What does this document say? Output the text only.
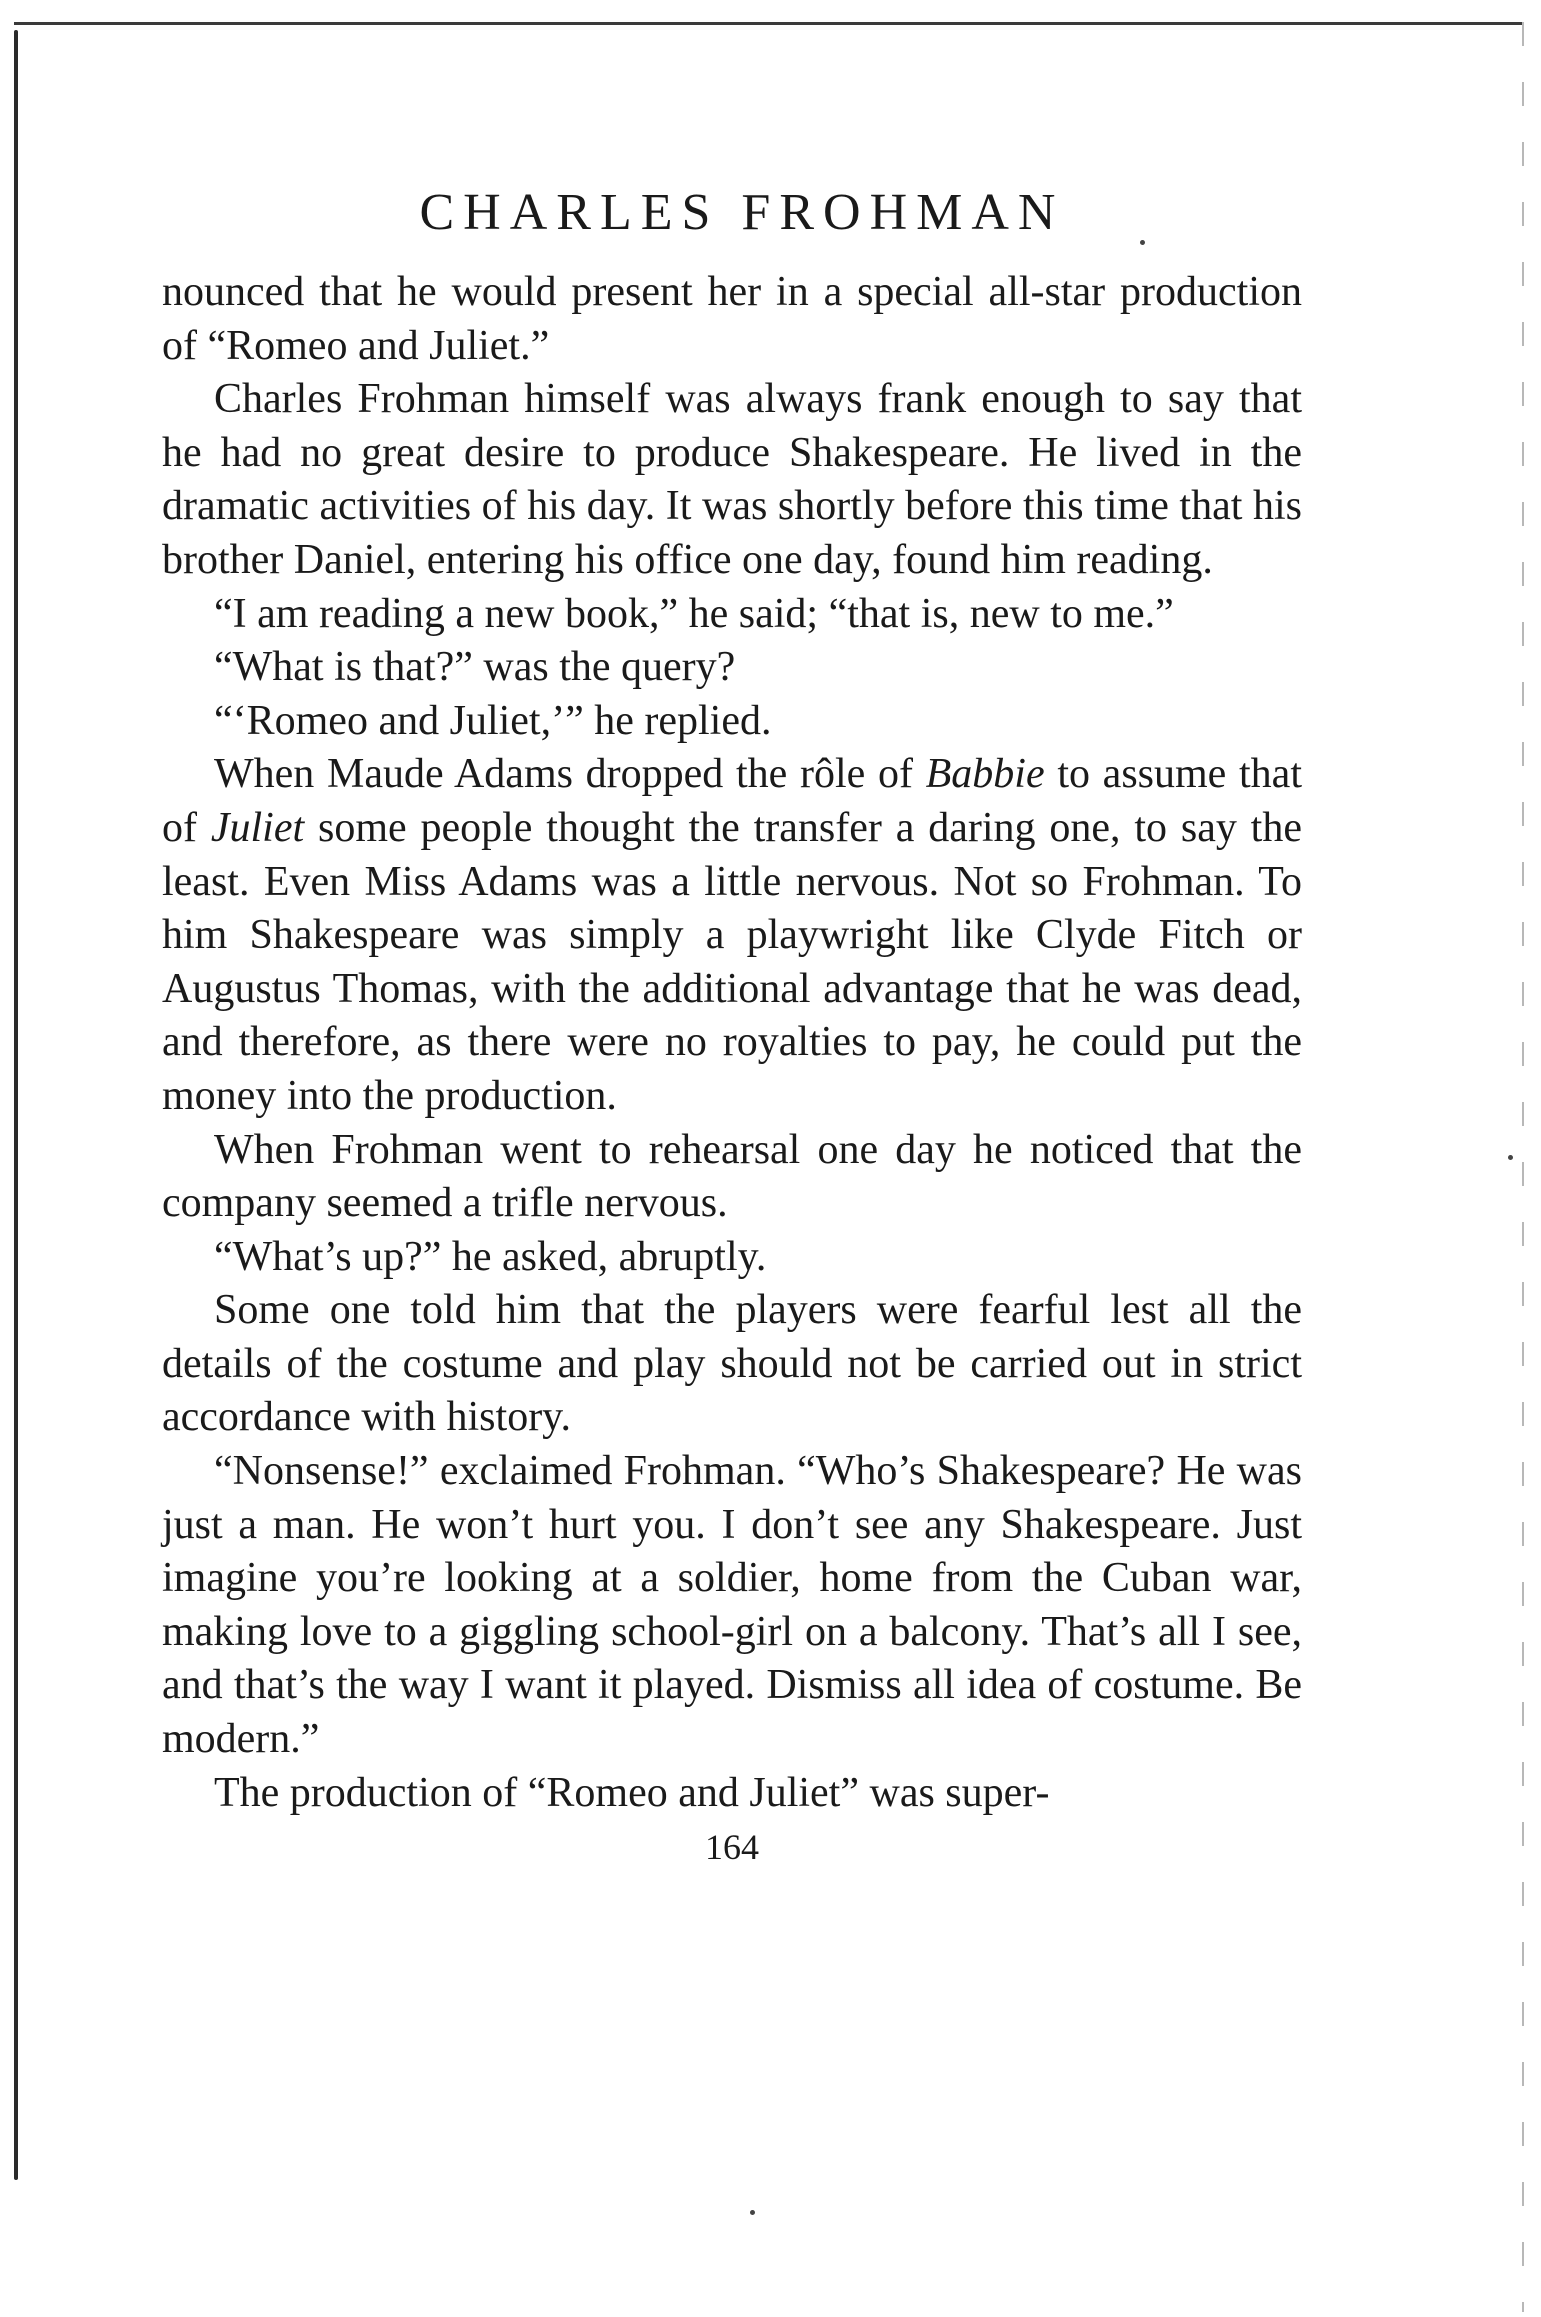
CHARLES FROHMAN

nounced that he would present her in a special all-star production of “Romeo and Juliet.”

Charles Frohman himself was always frank enough to say that he had no great desire to produce Shakespeare. He lived in the dramatic activities of his day. It was shortly before this time that his brother Daniel, entering his office one day, found him reading.

“I am reading a new book,” he said; “that is, new to me.”

“What is that?” was the query?

“‘Romeo and Juliet,’” he replied.

When Maude Adams dropped the rôle of Babbie to assume that of Juliet some people thought the transfer a daring one, to say the least. Even Miss Adams was a little nervous. Not so Frohman. To him Shakespeare was simply a playwright like Clyde Fitch or Augustus Thomas, with the additional advantage that he was dead, and therefore, as there were no royalties to pay, he could put the money into the production.

When Frohman went to rehearsal one day he noticed that the company seemed a trifle nervous.

“What’s up?” he asked, abruptly.

Some one told him that the players were fearful lest all the details of the costume and play should not be carried out in strict accordance with history.

“Nonsense!” exclaimed Frohman. “Who’s Shakespeare? He was just a man. He won’t hurt you. I don’t see any Shakespeare. Just imagine you’re looking at a soldier, home from the Cuban war, making love to a giggling school-girl on a balcony. That’s all I see, and that’s the way I want it played. Dismiss all idea of costume. Be modern.”

The production of “Romeo and Juliet” was super-

164
